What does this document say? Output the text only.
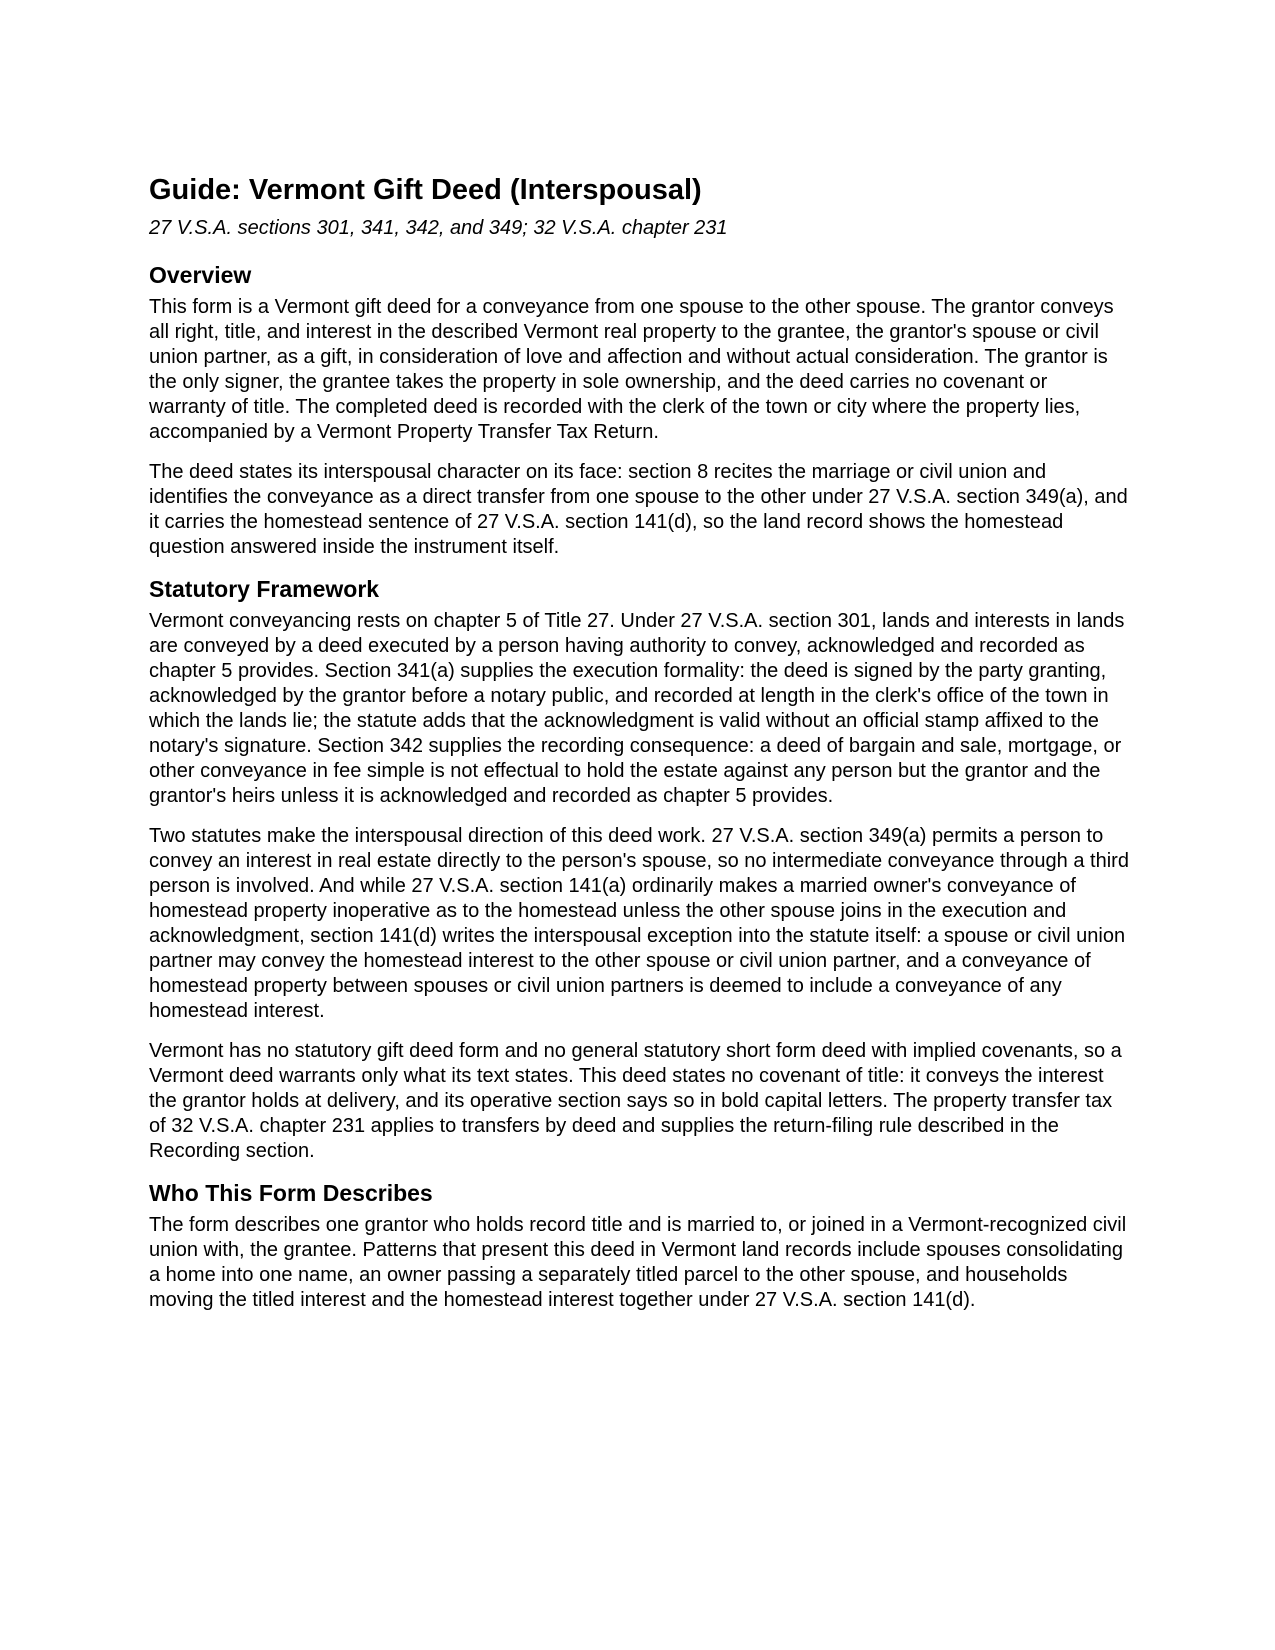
Guide: Vermont Gift Deed (Interspousal)
27 V.S.A. sections 301, 341, 342, and 349; 32 V.S.A. chapter 231
Overview

This form is a Vermont gift deed for a conveyance from one spouse to the other spouse. The grantor conveys all right, title, and interest in the described Vermont real property to the grantee, the grantor's spouse or civil union partner, as a gift, in consideration of love and affection and without actual consideration. The grantor is the only signer, the grantee takes the property in sole ownership, and the deed carries no covenant or warranty of title. The completed deed is recorded with the clerk of the town or city where the property lies, accompanied by a Vermont Property Transfer Tax Return.

The deed states its interspousal character on its face: section 8 recites the marriage or civil union and identifies the conveyance as a direct transfer from one spouse to the other under 27 V.S.A. section 349(a), and it carries the homestead sentence of 27 V.S.A. section 141(d), so the land record shows the homestead question answered inside the instrument itself.

Statutory Framework

Vermont conveyancing rests on chapter 5 of Title 27. Under 27 V.S.A. section 301, lands and interests in lands are conveyed by a deed executed by a person having authority to convey, acknowledged and recorded as chapter 5 provides. Section 341(a) supplies the execution formality: the deed is signed by the party granting, acknowledged by the grantor before a notary public, and recorded at length in the clerk's office of the town in which the lands lie; the statute adds that the acknowledgment is valid without an official stamp affixed to the notary's signature. Section 342 supplies the recording consequence: a deed of bargain and sale, mortgage, or other conveyance in fee simple is not effectual to hold the estate against any person but the grantor and the grantor's heirs unless it is acknowledged and recorded as chapter 5 provides.

Two statutes make the interspousal direction of this deed work. 27 V.S.A. section 349(a) permits a person to convey an interest in real estate directly to the person's spouse, so no intermediate conveyance through a third person is involved. And while 27 V.S.A. section 141(a) ordinarily makes a married owner's conveyance of homestead property inoperative as to the homestead unless the other spouse joins in the execution and acknowledgment, section 141(d) writes the interspousal exception into the statute itself: a spouse or civil union partner may convey the homestead interest to the other spouse or civil union partner, and a conveyance of homestead property between spouses or civil union partners is deemed to include a conveyance of any homestead interest.

Vermont has no statutory gift deed form and no general statutory short form deed with implied covenants, so a Vermont deed warrants only what its text states. This deed states no covenant of title: it conveys the interest the grantor holds at delivery, and its operative section says so in bold capital letters. The property transfer tax of 32 V.S.A. chapter 231 applies to transfers by deed and supplies the return-filing rule described in the Recording section.

Who This Form Describes

The form describes one grantor who holds record title and is married to, or joined in a Vermont-recognized civil union with, the grantee. Patterns that present this deed in Vermont land records include spouses consolidating a home into one name, an owner passing a separately titled parcel to the other spouse, and households moving the titled interest and the homestead interest together under 27 V.S.A. section 141(d).
